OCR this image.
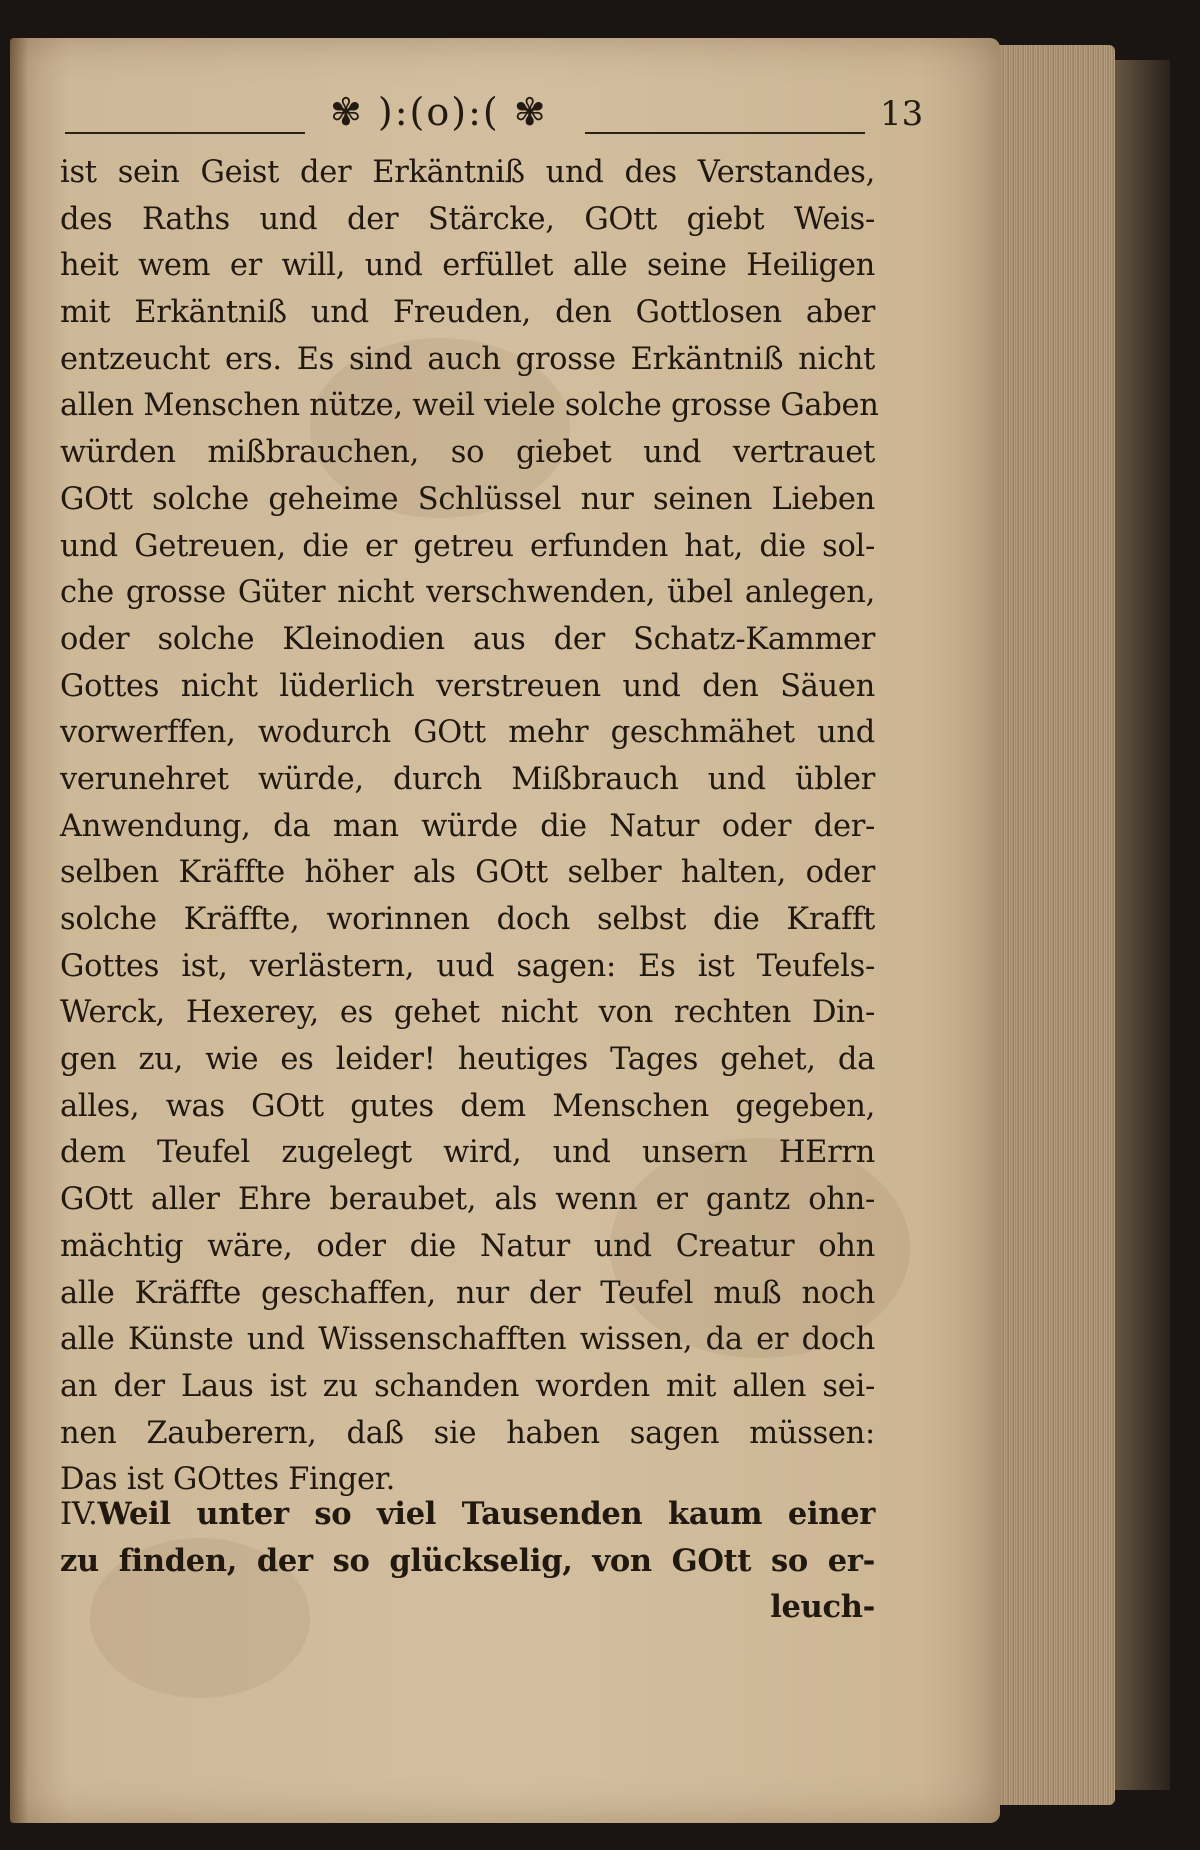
✾ ):(o):( ✾	13
ist sein Geist der Erkäntniß und des Verstandes,
des Raths und der Stärcke, GOtt giebt Weis-
heit wem er will, und erfüllet alle seine Heiligen
mit Erkäntniß und Freuden, den Gottlosen aber
entzeucht ers. Es sind auch grosse Erkäntniß nicht
allen Menschen nütze, weil viele solche grosse Gaben
würden mißbrauchen, so giebet und vertrauet
GOtt solche geheime Schlüssel nur seinen Lieben
und Getreuen, die er getreu erfunden hat, die sol-
che grosse Güter nicht verschwenden, übel anlegen,
oder solche Kleinodien aus der Schatz-Kammer
Gottes nicht lüderlich verstreuen und den Säuen
vorwerffen, wodurch GOtt mehr geschmähet und
verunehret würde, durch Mißbrauch und übler
Anwendung, da man würde die Natur oder der-
selben Kräffte höher als GOtt selber halten, oder
solche Kräffte, worinnen doch selbst die Krafft
Gottes ist, verlästern, uud sagen: Es ist Teufels-
Werck, Hexerey, es gehet nicht von rechten Din-
gen zu, wie es leider! heutiges Tages gehet, da
alles, was GOtt gutes dem Menschen gegeben,
dem Teufel zugelegt wird, und unsern HErrn
GOtt aller Ehre beraubet, als wenn er gantz ohn-
mächtig wäre, oder die Natur und Creatur ohn
alle Kräffte geschaffen, nur der Teufel muß noch
alle Künste und Wissenschafften wissen, da er doch
an der Laus ist zu schanden worden mit allen sei-
nen Zauberern, daß sie haben sagen müssen:
Das ist GOttes Finger.
IV.Weil unter so viel Tausenden kaum einer
zu finden, der so glückselig, von GOtt so er-
leuch-
